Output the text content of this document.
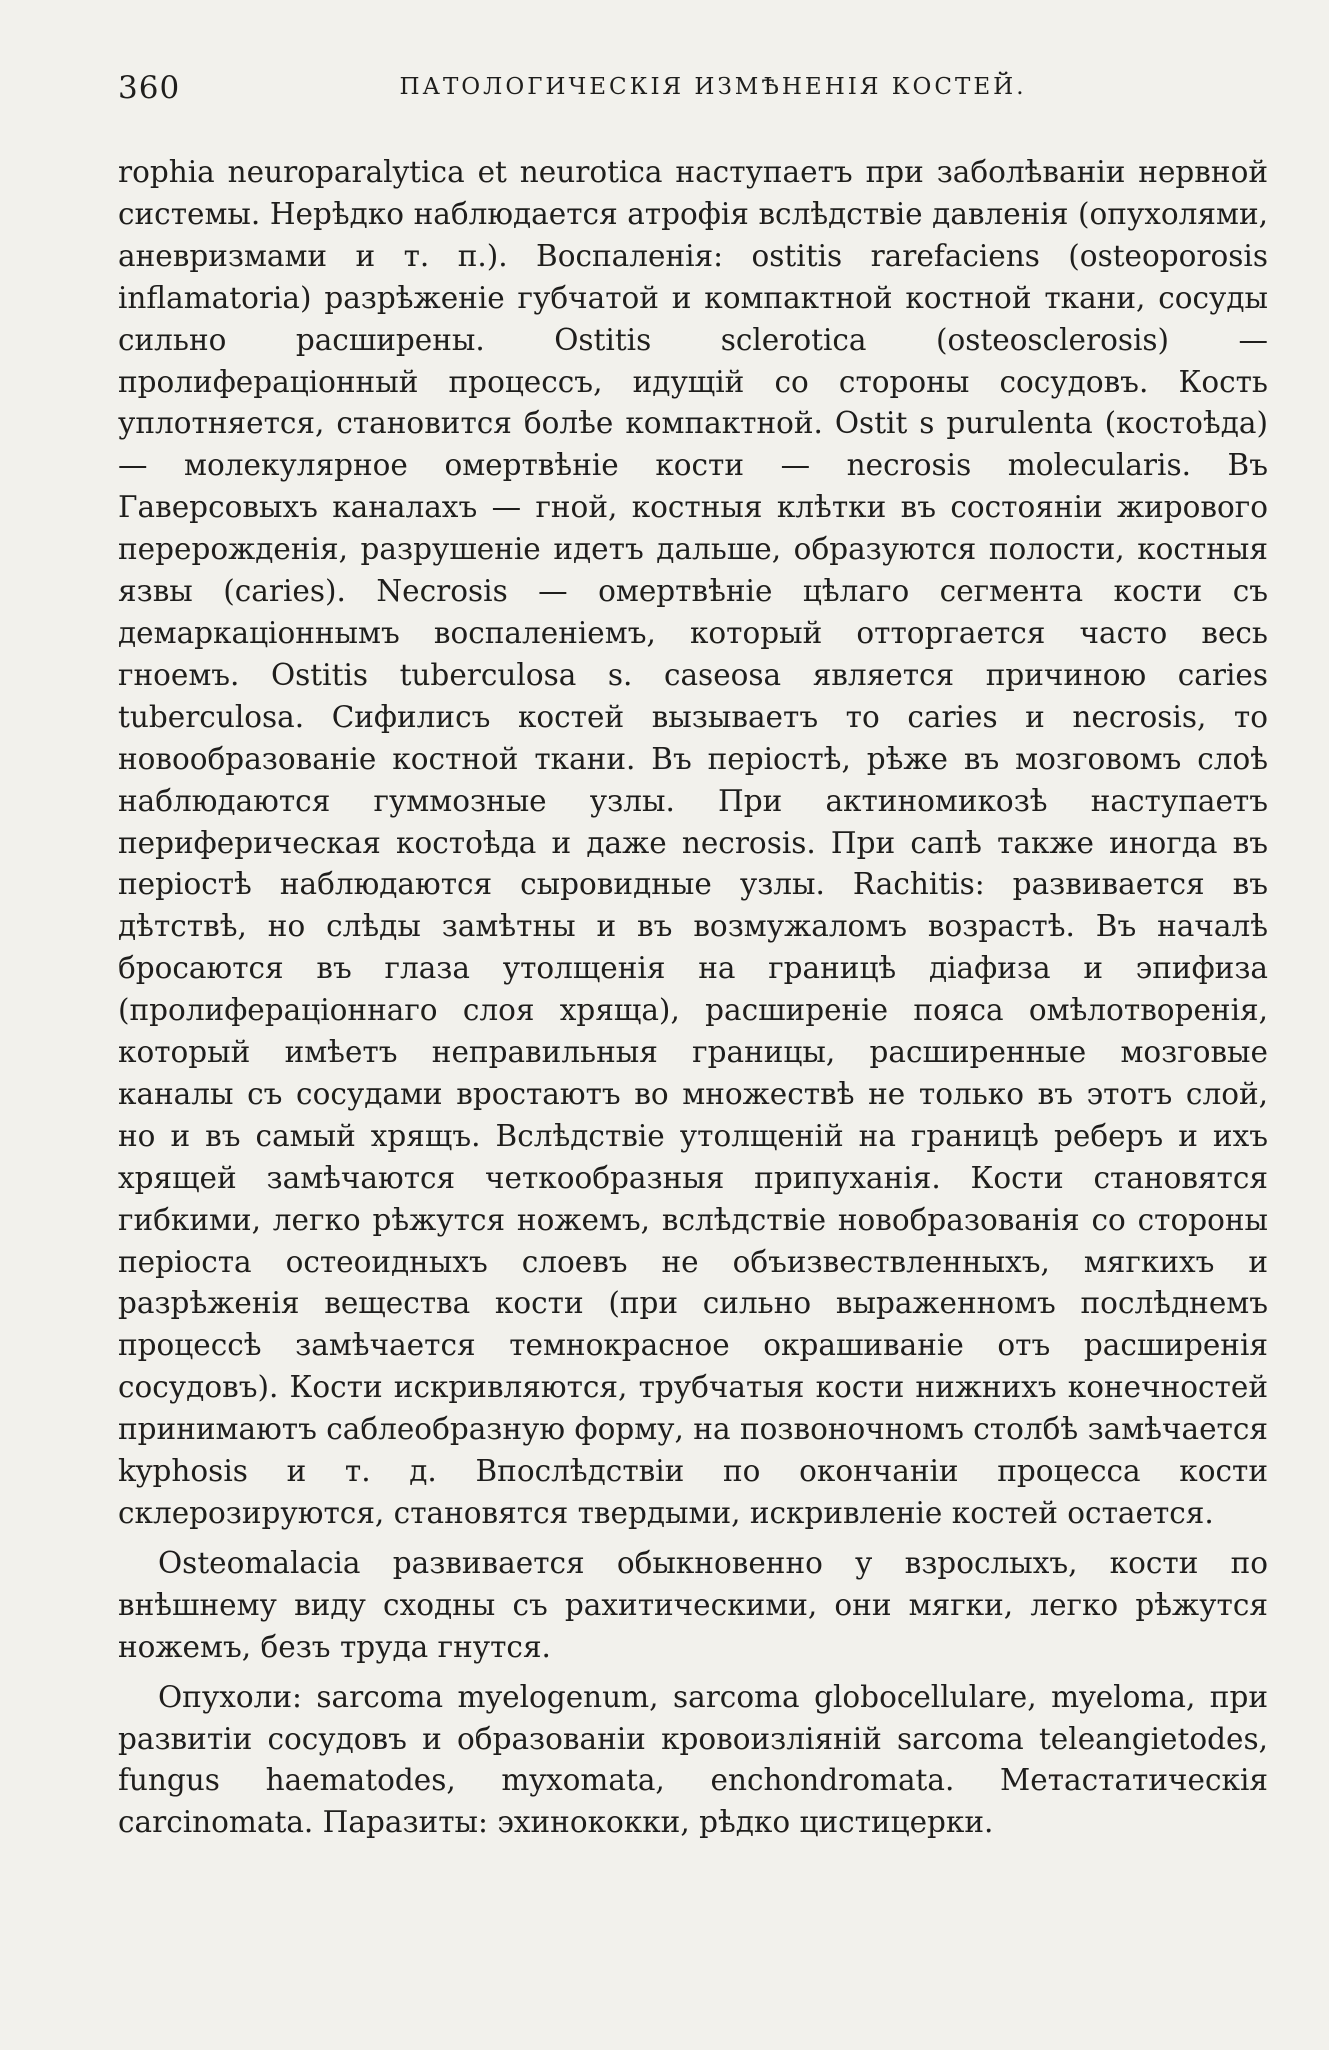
360	ПАТОЛОГИЧЕСКІЯ ИЗМѢНЕНІЯ КОСТЕЙ.

rophia neuroparalytica et neurotica наступаетъ при заболѣваніи нервной системы. Нерѣдко наблюдается атрофія вслѣдствіе давленія (опухолями, аневризмами и т. п.). Воспаленія: ostitis rarefaciens (osteoporosis inflamatoria) разрѣженіе губчатой и компактной костной ткани, сосуды сильно расширены. Ostitis sclerotica (osteosclerosis) — пролифераціонный процессъ, идущій со стороны сосудовъ. Кость уплотняется, становится болѣе компактной. Ostit s purulenta (костоѣда) — молекулярное омертвѣніе кости — necrosis molecularis. Въ Гаверсовыхъ каналахъ — гной, костныя клѣтки въ состояніи жирового перерожденія, разрушеніе идетъ дальше, образуются полости, костныя язвы (caries). Necrosis — омертвѣніе цѣлаго сегмента кости съ демаркаціоннымъ воспаленіемъ, который отторгается часто весь гноемъ. Ostitis tuberculosa s. caseosa является причиною caries tuberculosa. Сифилисъ костей вызываетъ то caries и necrosis, то новообразованіе костной ткани. Въ періостѣ, рѣже въ мозговомъ слоѣ наблюдаются гуммозные узлы. При актиномикозѣ наступаетъ периферическая костоѣда и даже necrosis. При сапѣ также иногда въ періостѣ наблюдаются сыровидные узлы. Rachitis: развивается въ дѣтствѣ, но слѣды замѣтны и въ возмужаломъ возрастѣ. Въ началѣ бросаются въ глаза утолщенія на границѣ діафиза и эпифиза (пролифераціоннаго слоя хряща), расширеніе пояса омѣлотворенія, который имѣетъ неправильныя границы, расширенные мозговые каналы съ сосудами вростаютъ во множествѣ не только въ этотъ слой, но и въ самый хрящъ. Вслѣдствіе утолщеній на границѣ реберъ и ихъ хрящей замѣчаются четкообразныя припуханія. Кости становятся гибкими, легко рѣжутся ножемъ, вслѣдствіе новобразованія со стороны періоста остеоидныхъ слоевъ не объизвествленныхъ, мягкихъ и разрѣженія вещества кости (при сильно выраженномъ послѣднемъ процессѣ замѣчается темнокрасное окрашиваніе отъ расширенія сосудовъ). Кости искривляются, трубчатыя кости нижнихъ конечностей принимаютъ саблеобразную форму, на позвоночномъ столбѣ замѣчается kyphosis и т. д. Впослѣдствіи по окончаніи процесса кости склерозируются, становятся твердыми, искривленіе костей остается.

Osteomalacia развивается обыкновенно у взрослыхъ, кости по внѣшнему виду сходны съ рахитическими, они мягки, легко рѣжутся ножемъ, безъ труда гнутся.

Опухоли: sarcoma myelogenum, sarcoma globocellulare, myeloma, при развитіи сосудовъ и образованіи кровоизліяній sarcoma teleangietodes, fungus haematodes, myxomata, enchondromata. Метастатическія carcinomata. Паразиты: эхинококки, рѣдко цистицерки.
